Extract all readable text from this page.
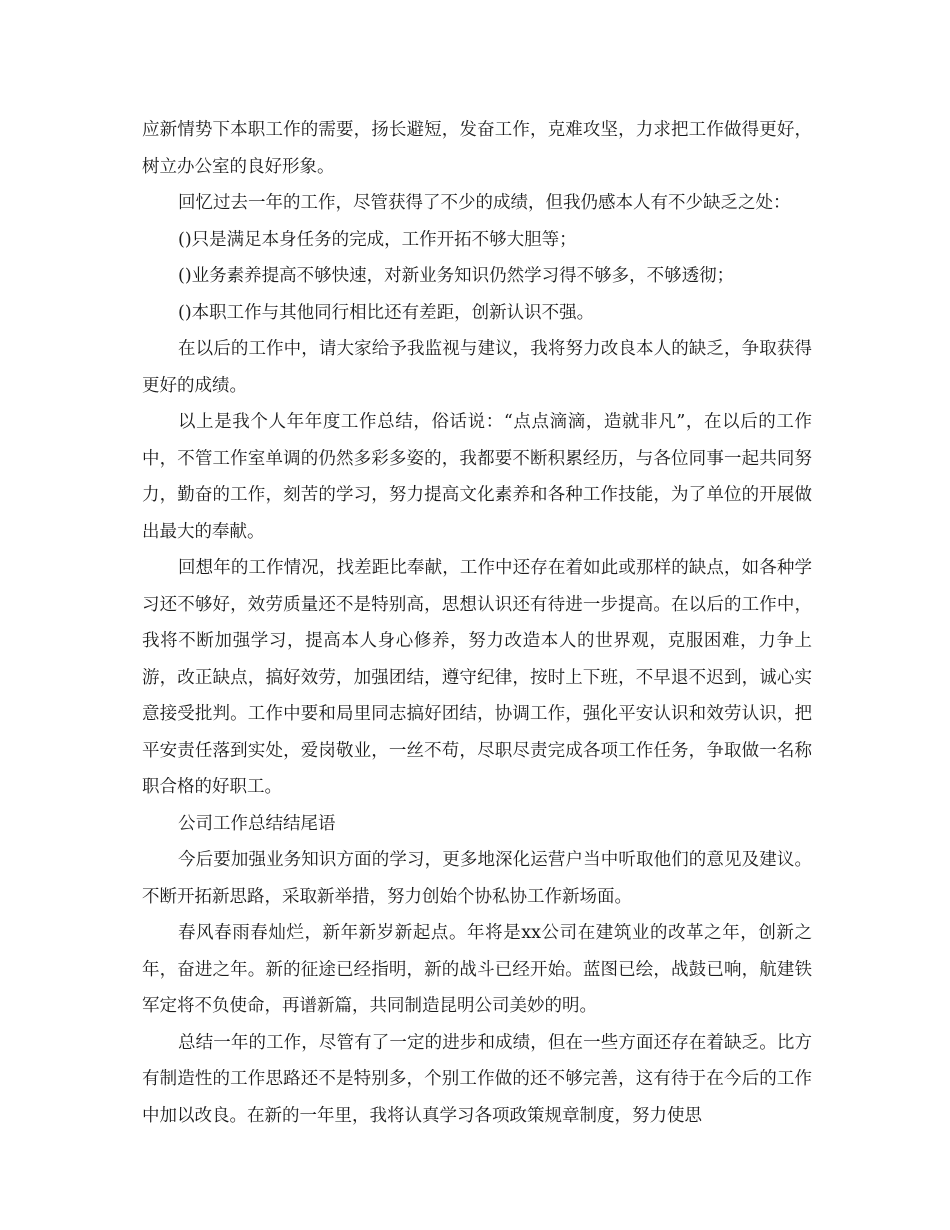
应新情势下本职工作的需要，扬长避短，发奋工作，克难攻坚，力求把工作做得更好，树立办公室的良好形象。

回忆过去一年的工作，尽管获得了不少的成绩，但我仍感本人有不少缺乏之处：

()只是满足本身任务的完成，工作开拓不够大胆等；

()业务素养提高不够快速，对新业务知识仍然学习得不够多，不够透彻；

()本职工作与其他同行相比还有差距，创新认识不强。

在以后的工作中，请大家给予我监视与建议，我将努力改良本人的缺乏，争取获得更好的成绩。

以上是我个人年年度工作总结，俗话说：“点点滴滴，造就非凡”，在以后的工作中，不管工作室单调的仍然多彩多姿的，我都要不断积累经历，与各位同事一起共同努力，勤奋的工作，刻苦的学习，努力提高文化素养和各种工作技能，为了单位的开展做出最大的奉献。

回想年的工作情况，找差距比奉献，工作中还存在着如此或那样的缺点，如各种学习还不够好，效劳质量还不是特别高，思想认识还有待进一步提高。在以后的工作中，我将不断加强学习，提高本人身心修养，努力改造本人的世界观，克服困难，力争上游，改正缺点，搞好效劳，加强团结，遵守纪律，按时上下班，不早退不迟到，诚心实意接受批判。工作中要和局里同志搞好团结，协调工作，强化平安认识和效劳认识，把平安责任落到实处，爱岗敬业，一丝不苟，尽职尽责完成各项工作任务，争取做一名称职合格的好职工。

公司工作总结结尾语

今后要加强业务知识方面的学习，更多地深化运营户当中听取他们的意见及建议。不断开拓新思路，采取新举措，努力创始个协私协工作新场面。

春风春雨春灿烂，新年新岁新起点。年将是xx公司在建筑业的改革之年，创新之年，奋进之年。新的征途已经指明，新的战斗已经开始。蓝图已绘，战鼓已响，航建铁军定将不负使命，再谱新篇，共同制造昆明公司美妙的明。

总结一年的工作，尽管有了一定的进步和成绩，但在一些方面还存在着缺乏。比方有制造性的工作思路还不是特别多，个别工作做的还不够完善，这有待于在今后的工作中加以改良。在新的一年里，我将认真学习各项政策规章制度，努力使思
